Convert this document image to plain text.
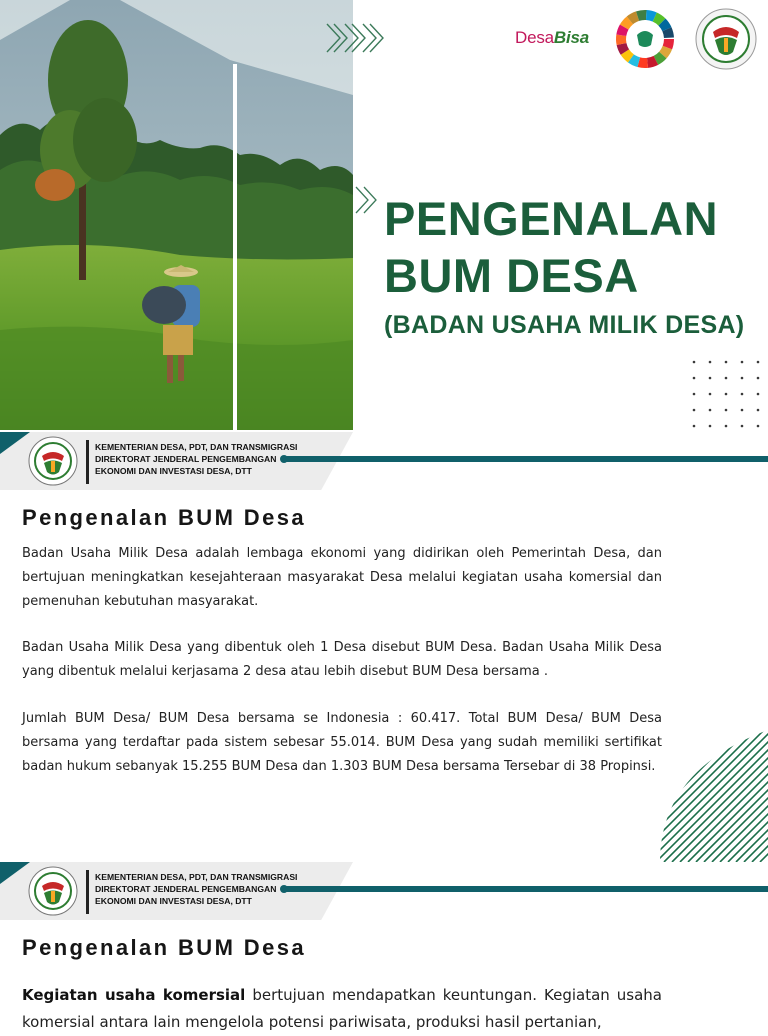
DesaBisa
PENGENALAN
BUM DESA
(BADAN USAHA MILIK DESA)
KEMENTERIAN DESA, PDT, DAN TRANSMIGRASI
DIREKTORAT JENDERAL PENGEMBANGAN
EKONOMI DAN INVESTASI DESA, DTT
Pengenalan BUM Desa

Badan Usaha Milik Desa adalah lembaga ekonomi yang didirikan oleh Pemerintah Desa, dan bertujuan meningkatkan kesejahteraan masyarakat Desa melalui kegiatan usaha komersial dan pemenuhan kebutuhan masyarakat.

Badan Usaha Milik Desa yang dibentuk oleh 1 Desa disebut BUM Desa. Badan Usaha Milik Desa yang dibentuk melalui kerjasama 2 desa atau lebih disebut BUM Desa bersama .

Jumlah BUM Desa/ BUM Desa bersama se Indonesia : 60.417. Total BUM Desa/ BUM Desa bersama yang terdaftar pada sistem sebesar 55.014. BUM Desa yang sudah memiliki sertifikat badan hukum sebanyak 15.255 BUM Desa dan 1.303 BUM Desa bersama Tersebar di 38 Propinsi.

KEMENTERIAN DESA, PDT, DAN TRANSMIGRASI
DIREKTORAT JENDERAL PENGEMBANGAN
EKONOMI DAN INVESTASI DESA, DTT
Pengenalan BUM Desa

Kegiatan usaha komersial bertujuan mendapatkan keuntungan. Kegiatan usaha komersial antara lain mengelola potensi pariwisata, produksi hasil pertanian,
